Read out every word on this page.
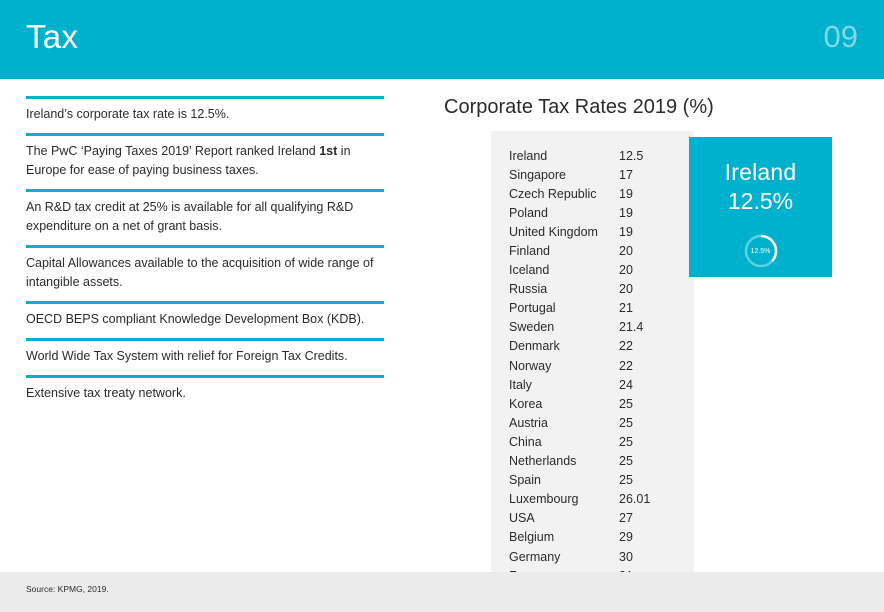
Tax	09
Ireland’s corporate tax rate is 12.5%.
The PwC ‘Paying Taxes 2019’ Report ranked Ireland 1st in Europe for ease of paying business taxes.
An R&D tax credit at 25% is available for all qualifying R&D expenditure on a net of grant basis.
Capital Allowances available to the acquisition of wide range of intangible assets.
OECD BEPS compliant Knowledge Development Box (KDB).
World Wide Tax System with relief for Foreign Tax Credits.
Extensive tax treaty network.
Corporate Tax Rates 2019 (%)
Ireland	12.5
Singapore	17
Czech Republic	19
Poland	19
United Kingdom	19
Finland	20
Iceland	20
Russia	20
Portugal	21
Sweden	21.4
Denmark	22
Norway	22
Italy	24
Korea	25
Austria	25
China	25
Netherlands	25
Spain	25
Luxembourg	26.01
USA	27
Belgium	29
Germany	30
Ireland
12.5%
12.5%
Source: KPMG, 2019.
